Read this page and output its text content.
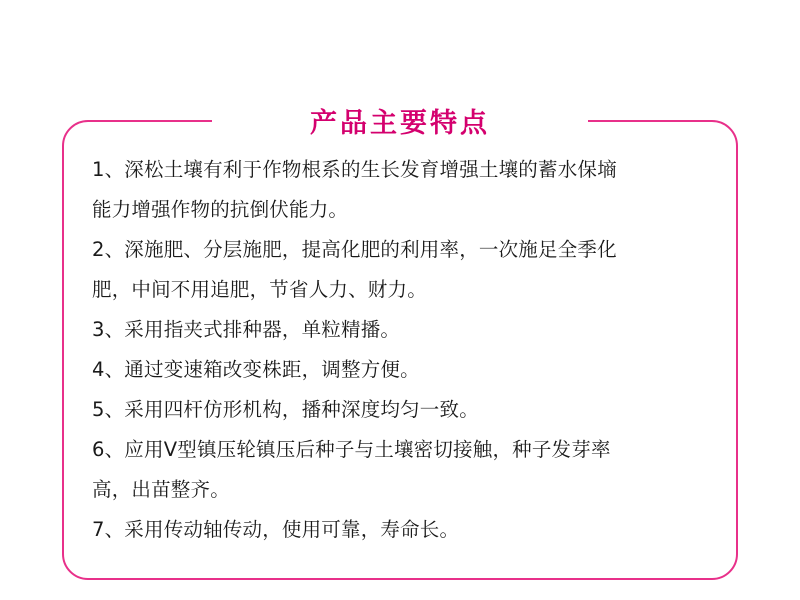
产品主要特点
1、深松土壤有利于作物根系的生长发育增强土壤的蓄水保墒
能力增强作物的抗倒伏能力。
2、深施肥、分层施肥，提高化肥的利用率，一次施足全季化
肥，中间不用追肥，节省人力、财力。
3、采用指夹式排种器，单粒精播。
4、通过变速箱改变株距，调整方便。
5、采用四杆仿形机构，播种深度均匀一致。
6、应用V型镇压轮镇压后种子与土壤密切接触，种子发芽率
高，出苗整齐。
7、采用传动轴传动，使用可靠，寿命长。
